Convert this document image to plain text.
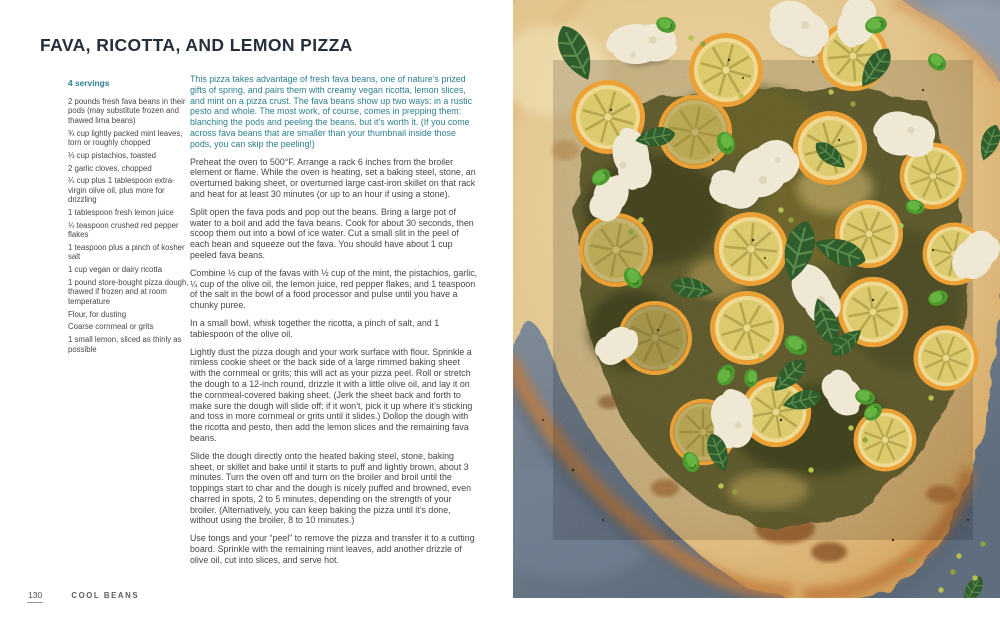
FAVA, RICOTTA, AND LEMON PIZZA
4 servings
2 pounds fresh fava beans in their pods (may substitute frozen and thawed lima beans)
¾ cup lightly packed mint leaves, torn or roughly chopped
⅓ cup pistachios, toasted
2 garlic cloves, chopped
¼ cup plus 1 tablespoon extra-virgin olive oil, plus more for drizzling
1 tablespoon fresh lemon juice
¼ teaspoon crushed red pepper flakes
1 teaspoon plus a pinch of kosher salt
1 cup vegan or dairy ricotta
1 pound store-bought pizza dough, thawed if frozen and at room temperature
Flour, for dusting
Coarse cornmeal or grits
1 small lemon, sliced as thinly as possible

This pizza takes advantage of fresh fava beans, one of nature’s prized gifts of spring, and pairs them with creamy vegan ricotta, lemon slices, and mint on a pizza crust. The fava beans show up two ways: in a rustic pesto and whole. The most work, of course, comes in prepping them: blanching the pods and peeling the beans, but it’s worth it. (If you come across fava beans that are smaller than your thumbnail inside those pods, you can skip the peeling!)

Preheat the oven to 500°F. Arrange a rack 6 inches from the broiler element or flame. While the oven is heating, set a baking steel, stone, an overturned baking sheet, or overturned large cast-iron skillet on that rack and heat for at least 30 minutes (or up to an hour if using a stone).

Split open the fava pods and pop out the beans. Bring a large pot of water to a boil and add the fava beans. Cook for about 30 seconds, then scoop them out into a bowl of ice water. Cut a small slit in the peel of each bean and squeeze out the fava. You should have about 1 cup peeled fava beans.

Combine ½ cup of the favas with ½ cup of the mint, the pistachios, garlic, ¼ cup of the olive oil, the lemon juice, red pepper flakes, and 1 teaspoon of the salt in the bowl of a food processor and pulse until you have a chunky puree.

In a small bowl, whisk together the ricotta, a pinch of salt, and 1 tablespoon of the olive oil.

Lightly dust the pizza dough and your work surface with flour. Sprinkle a rimless cookie sheet or the back side of a large rimmed baking sheet with the cornmeal or grits; this will act as your pizza peel. Roll or stretch the dough to a 12-inch round, drizzle it with a little olive oil, and lay it on the cornmeal-covered baking sheet. (Jerk the sheet back and forth to make sure the dough will slide off; if it won’t, pick it up where it’s sticking and toss in more cornmeal or grits until it slides.) Dollop the dough with the ricotta and pesto, then add the lemon slices and the remaining fava beans.

Slide the dough directly onto the heated baking steel, stone, baking sheet, or skillet and bake until it starts to puff and lightly brown, about 3 minutes. Turn the oven off and turn on the broiler and broil until the toppings start to char and the dough is nicely puffed and browned, even charred in spots, 2 to 5 minutes, depending on the strength of your broiler. (Alternatively, you can keep baking the pizza until it’s done, without using the broiler, 8 to 10 minutes.)

Use tongs and your “peel” to remove the pizza and transfer it to a cutting board. Sprinkle with the remaining mint leaves, add another drizzle of olive oil, cut into slices, and serve hot.

130	COOL BEANS
